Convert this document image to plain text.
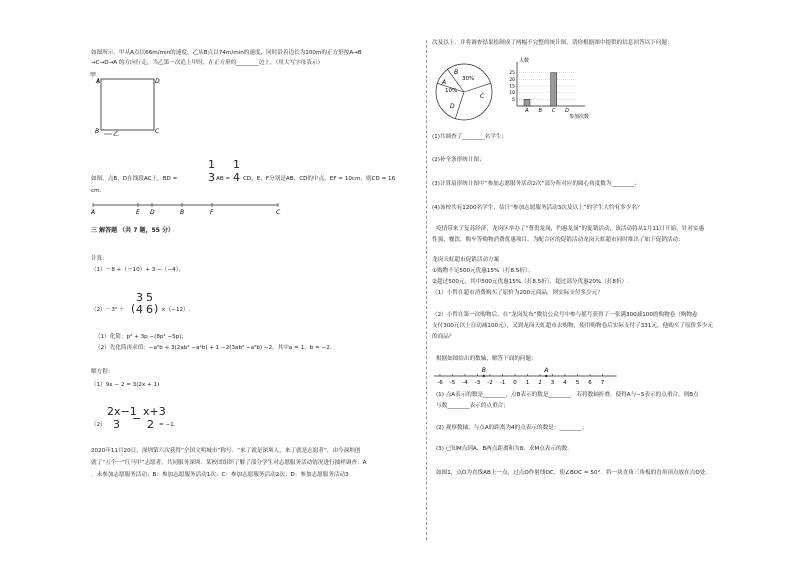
如图所示，甲从A点以66m/min的速度，乙从B点以74m/min的速度，同时沿着边长为100m的正方形按A→B
→C→D→A 的方向行走，当乙第一次追上甲时，在正方形的________边上。（用大写字母表示）
甲
A	D
B	C
乙
如图，点B，D在线段AC上，BD =
1
3 AB =
1
4 CD，E，F分别是AB，CD的中点，EF = 10cm，则CD = 16
cm.
A	E D	B	F	C
三 解答题 （共 7 题，55 分）
计算：
（1）－8 +（－10）+ 3 −（−4）；
（2）－3² ＋
3 5
( 4 6 ) ×（−12）.
（1）化简：p² + 3p −(8p² −5p)；
（2）先化简再求值：−a²b + 3(2ab² −a²b) + 1 −2(3ab² −a²b) −2，其中a = 1，b = −2.
解方程：
（1）9x − 2 = 3(2x + 1)
（2）
2x−1
3 −
x+3
2 = −1.
2020年11月20日，深圳第六次获得“全国文明城市”称号．“来了就是深圳人，来了就是志愿者”，由今深圳创
就了“五个一”红马甲”志愿者，共同服务深圳．某校团组织了解了部分学生对志愿服务活动情况进行抽样调查：A
．未参加志愿服务活动；B：参加志愿服务活动1次；C：参加志愿服务活动2次；D：参加志愿服务活动3
次及以上．并将调查结果绘制成了两幅不完整的统计图，请你根据图中提供的信息回答以下问题：
B
30%
A
10%
D
C
人数
5
10
15
20
25
A B C D
参加次数
(1)共调查了________名学生；
(2)补全条形统计图；
(3)计算扇形统计图中“参加志愿服务活动2次”部分所对应的圆心角度数为________；
(4)该校共有1200名学生，估计“参加志愿服务活动3次及以上”的学生大约有多少名？
疫情带来了复苏经济，龙岗区举办了“尊贵龙岗，约惠龙岗”的促销活动，该活动将从1月11日开始，针对实惠
性强，餐饮，购车等购物消费优惠项目，为配合区的促销活动龙岗天虹超市同时推出了如下促销活动：
龙岗天虹超市促销活动方案
①购物不足500元优惠15%（打8.5折）；
②超过500元，其中500元优惠15%（打8.5折），超过部分优惠20%（打8折）.
（1）小哲在超市消费购买了原价为200元商品，则实际支付多少元？
（2）小哲在第一次购物后，在“龙岗发布”微信公众号中参与摇号获得了一张满300减100的购物卷（购物卷
支付300元以上自动减100元），又到龙岗天虹超市去购物，使用购物卷后实际支付了331元，他购买了原价多少元
的商品？
根据如图给出的数轴，解答下面的问题：
-6 -5 -4 -3 -2 -1 0 1 2 3 4 5 6 7
B	A
(1) 点A表示的数是________，点B表示的数是________．若将数轴折叠，使得A与−5表示的点重合，则B点
与数________表示的点重合；
(2) 观察数轴，与点A的距离为4的点表示的数是：________；
(3) 已知M点到A，B两点距离和为8，求M点表示的数．
如图1，点O为直线AB上一点，过点O作射线OC，使∠BOC = 50°．将一块直角三角板的直角顶点放在点O处．
